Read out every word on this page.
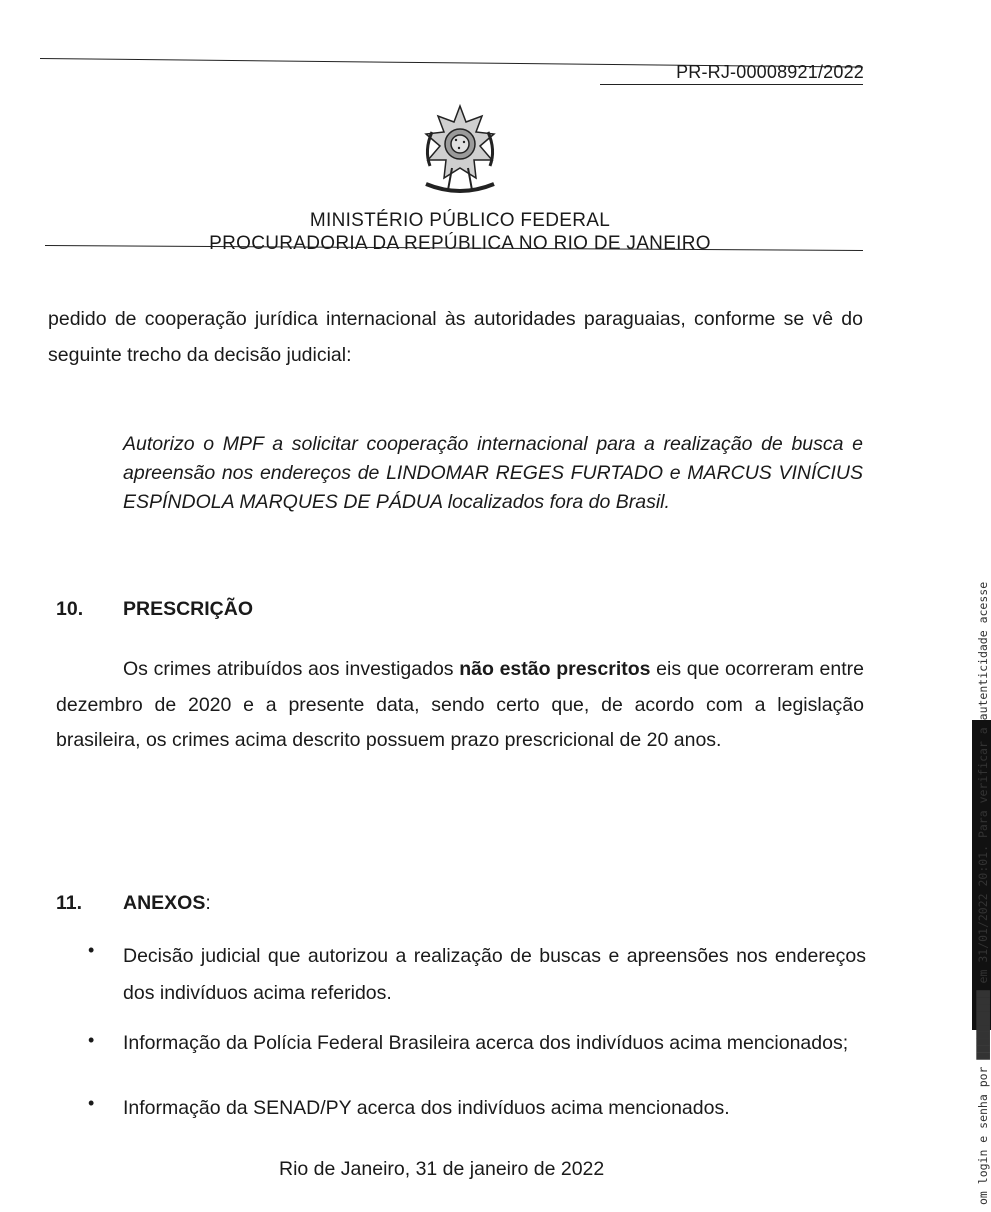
PR-RJ-00008921/2022
MINISTÉRIO PÚBLICO FEDERAL
PROCURADORIA DA REPÚBLICA NO RIO DE JANEIRO
pedido de cooperação jurídica internacional às autoridades paraguaias, conforme se vê do seguinte trecho da decisão judicial:
Autorizo o MPF a solicitar cooperação internacional para a realização de busca e apreensão nos endereços de LINDOMAR REGES FURTADO e MARCUS VINÍCIUS ESPÍNDOLA MARQUES DE PÁDUA localizados fora do Brasil.
10. PRESCRIÇÃO
Os crimes atribuídos aos investigados não estão prescritos eis que ocorreram entre dezembro de 2020 e a presente data, sendo certo que, de acordo com a legislação brasileira, os crimes acima descrito possuem prazo prescricional de 20 anos.
11. ANEXOS:
• Decisão judicial que autorizou a realização de buscas e apreensões nos endereços dos indivíduos acima referidos.
• Informação da Polícia Federal Brasileira acerca dos indivíduos acima mencionados;
• Informação da SENAD/PY acerca dos indivíduos acima mencionados.
Rio de Janeiro, 31 de janeiro de 2022	om login e senha por ██████████ em 31/01/2022 20:01. Para verificar a autenticidade acesse
